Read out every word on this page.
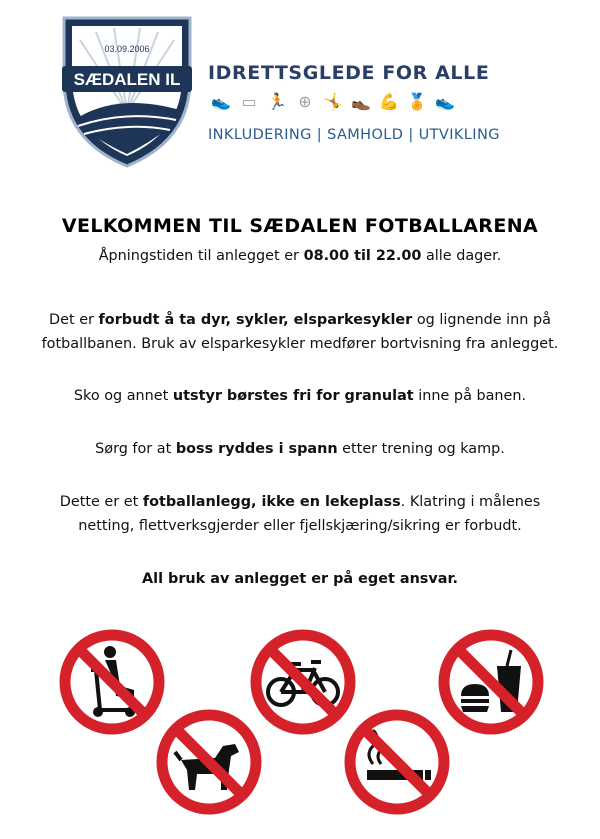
SÆDALEN IL
03.09.2006
IDRETTSGLEDE FOR ALLE
👟 ▭ 🏃 ⊕ 🤸 👞 💪 🏅 👟
INKLUDERING | SAMHOLD | UTVIKLING
VELKOMMEN TIL SÆDALEN FOTBALLARENA

Åpningstiden til anlegget er 08.00 til 22.00 alle dager.

Det er forbudt å ta dyr, sykler, elsparkesykler og lignende inn på fotballbanen. Bruk av elsparkesykler medfører bortvisning fra anlegget.

Sko og annet utstyr børstes fri for granulat inne på banen.

Sørg for at boss ryddes i spann etter trening og kamp.

Dette er et fotballanlegg, ikke en lekeplass. Klatring i målenes netting, flettverksgjerder eller fjellskjæring/sikring er forbudt.

All bruk av anlegget er på eget ansvar.
